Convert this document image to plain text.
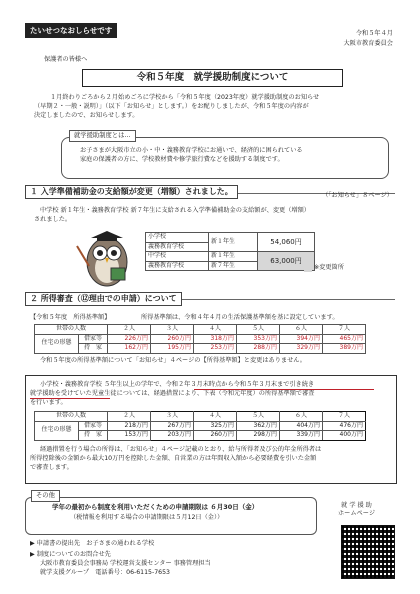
たいせつなおしらせです	令和５年４月
大阪市教育委員会
保護者の皆様へ
令和５年度　就学援助制度について
１月終わりごろから２月始めごろに学校から「令和５年度（2023年度）就学援助制度のお知らせ
（早期２・一般・説明）」（以下「お知らせ」とします。）をお配りしましたが、令和５年度の内容が
決定しましたので、お知らせします。
就学援助制度とは…
お子さまが大阪市立の小・中・義務教育学校にお通いで、経済的に困られている
家庭の保護者の方に、学校教材費や修学旅行費などを援助する制度です。
１ 入学準備補助金の支給額が変更（増額）されました。	（「お知らせ」８ページ）
中学校 新１年生・義務教育学校 新７年生に支給される入学準備補助金の支給額が、変更（増額）
されました。
小学校	新１年生	54,060円
義務教育学校		
中学校	新１年生	63,000円
義務教育学校	新７年生		※変更箇所
２ 所得審査（⑫理由での申請）について
【令和５年度　所得基準額】	所得基準額は、令和４年４月の生活保護基準額を基に設定しています。
世帯の人数		２人	３人	４人	５人	６人	７人
住宅の形態	借家等	226万円	260万円	318万円	353万円	394万円	465万円
	持　家	162万円	195万円	253万円	288万円	329万円	389万円
令和５年度の所得基準額について「お知らせ」４ページの【所得基準額】と変更はありません。
小学校・義務教育学校 ５年生以上の学年で、令和２年３月末時点から令和５年３月末まで引き続き
就学援助を受けていた児童生徒については、経過措置により、下表（令和元年度）の所得基準額で審査
を行います。
世帯の人数		２人	３人	４人	５人	６人	７人
住宅の形態	借家等	218万円	267万円	325万円	362万円	404万円	476万円
	持　家	153万円	203万円	260万円	298万円	339万円	400万円
経過措置を行う場合の所得は、「お知らせ」４ページ記載のとおり、給与所得者及び公的年金所得者は
所得控除後の金額から最大10万円を控除した金額、自営業の方は年間収入額から必要経費を引いた金額
で審査します。
その他
学年の最初から制度を利用いただくための申請期限は ６月30日（金）
（税情報を利用する場合の申請期限は５月12日（金））
▶ 申請書の提出先　お子さまの通われる学校
▶ 制度についてのお問合せ先
大阪市教育委員会事務局 学校運営支援センター 事務管理担当
就学支援グループ　電話番号：06-6115-7653
就 学 援 助
ホームページ
